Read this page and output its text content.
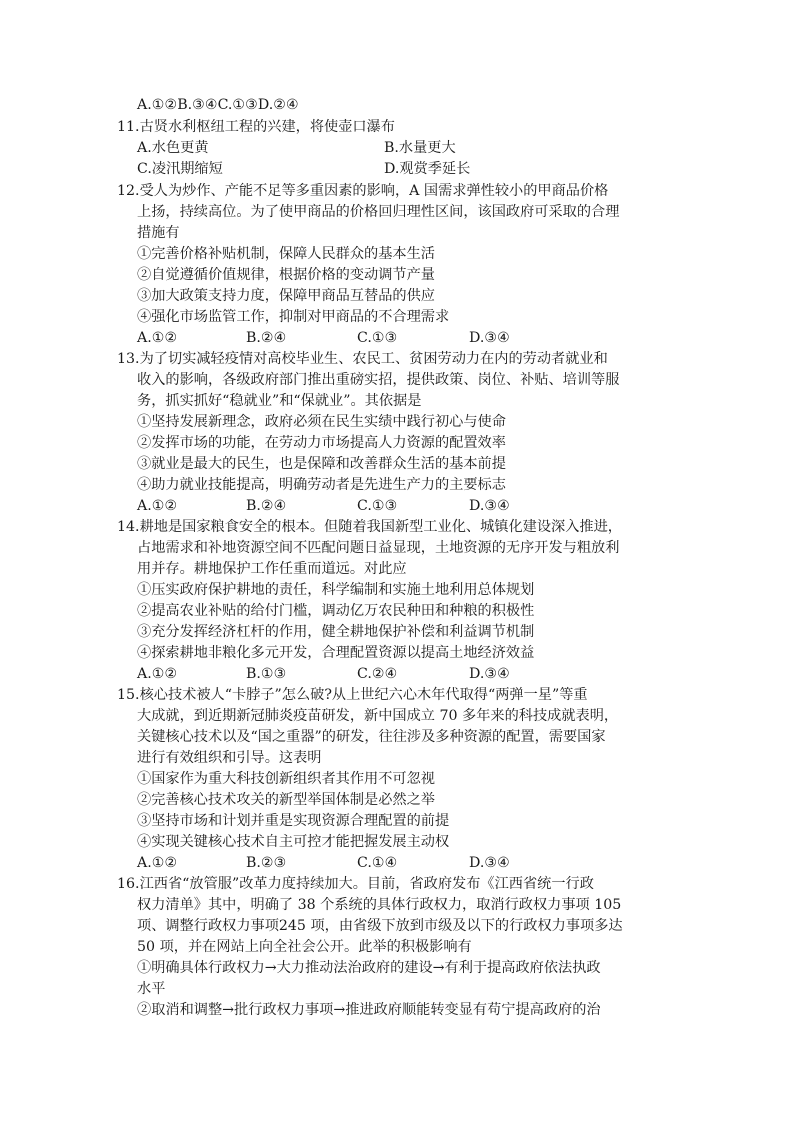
A.①②B.③④C.①③D.②④
11.古贤水利枢纽工程的兴建，将使壶口瀑布
A.水色更黄	B.水量更大
C.凌汛期缩短	D.观赏季延长
12.受人为炒作、产能不足等多重因素的影响，A 国需求弹性较小的甲商品价格
上扬，持续高位。为了使甲商品的价格回归理性区间，该国政府可采取的合理
措施有
①完善价格补贴机制，保障人民群众的基本生活
②自觉遵循价值规律，根据价格的变动调节产量
③加大政策支持力度，保障甲商品互替品的供应
④强化市场监管工作，抑制对甲商品的不合理需求
A.①②	B.②④	C.①③	D.③④
13.为了切实减轻疫情对高校毕业生、农民工、贫困劳动力在内的劳动者就业和
收入的影响，各级政府部门推出重磅实招，提供政策、岗位、补贴、培训等服
务，抓实抓好“稳就业”和“保就业”。其依据是
①坚持发展新理念，政府必须在民生实绩中践行初心与使命
②发挥市场的功能，在劳动力市场提高人力资源的配置效率
③就业是最大的民生，也是保障和改善群众生活的基本前提
④助力就业技能提高，明确劳动者是先进生产力的主要标志
A.①②	B.②④	C.①③	D.③④
14.耕地是国家粮食安全的根本。但随着我国新型工业化、城镇化建设深入推进，
占地需求和补地资源空间不匹配问题日益显现，土地资源的无序开发与粗放利
用并存。耕地保护工作任重而道远。对此应
①压实政府保护耕地的责任，科学编制和实施土地利用总体规划
②提高农业补贴的给付门槛，调动亿万农民种田和种粮的积极性
③充分发挥经济杠杆的作用，健全耕地保护补偿和利益调节机制
④探索耕地非粮化多元开发，合理配置资源以提高土地经济效益
A.①②	B.①③	C.②④	D.③④
15.核心技术被人“卡脖子”怎么破?从上世纪六心木年代取得“两弹一星”等重
大成就，到近期新冠肺炎疫苗研发，新中国成立 70 多年来的科技成就表明，
关键核心技术以及“国之重器”的研发，往往涉及多种资源的配置，需要国家
进行有效组织和引导。这表明
①国家作为重大科技创新组织者其作用不可忽视
②完善核心技术攻关的新型举国体制是必然之举
③坚持市场和计划并重是实现资源合理配置的前提
④实现关键核心技术自主可控才能把握发展主动权
A.①②	B.②③	C.①④	D.③④
16.江西省“放管服”改革力度持续加大。目前，省政府发布《江西省统一行政
权力清单》其中，明确了 38 个系统的具体行政权力，取消行政权力事项 105
项、调整行政权力事项245 项，由省级下放到市级及以下的行政权力事项多达
50 项，并在网站上向全社会公开。此举的积极影响有
①明确具体行政权力→大力推动法治政府的建设→有利于提高政府依法执政
水平
②取消和调整→批行政权力事项→推进政府顺能转变显有苟宁提高政府的治
